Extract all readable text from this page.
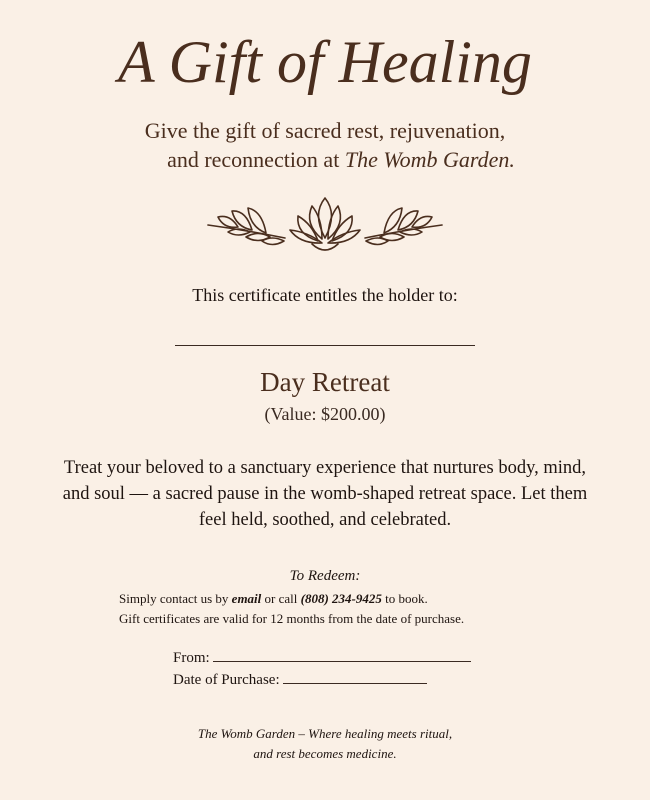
A Gift of Healing
Give the gift of sacred rest, rejuvenation,
and reconnection at The Womb Garden.
This certificate entitles the holder to:
Day Retreat
(Value: $200.00)
Treat your beloved to a sanctuary experience that nurtures body, mind, and soul — a sacred pause in the womb-shaped retreat space. Let them feel held, soothed, and celebrated.
To Redeem:
Simply contact us by email or call (808) 234-9425 to book.
Gift certificates are valid for 12 months from the date of purchase.
From:
Date of Purchase:
The Womb Garden – Where healing meets ritual,
and rest becomes medicine.
